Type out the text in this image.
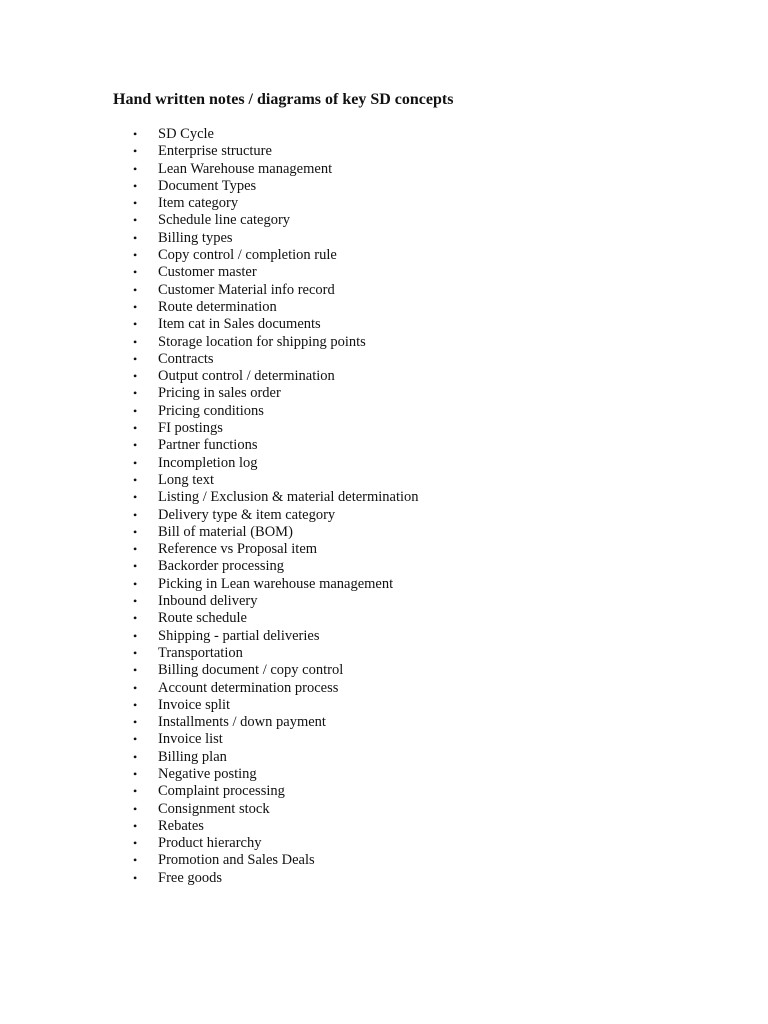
Hand written notes / diagrams of key SD concepts
• SD Cycle
• Enterprise structure
• Lean Warehouse management
• Document Types
• Item category
• Schedule line category
• Billing types
• Copy control / completion rule
• Customer master
• Customer Material info record
• Route determination
• Item cat in Sales documents
• Storage location for shipping points
• Contracts
• Output control / determination
• Pricing in sales order
• Pricing conditions
• FI postings
• Partner functions
• Incompletion log
• Long text
• Listing / Exclusion & material determination
• Delivery type & item category
• Bill of material (BOM)
• Reference vs Proposal item
• Backorder processing
• Picking in Lean warehouse management
• Inbound delivery
• Route schedule
• Shipping - partial deliveries
• Transportation
• Billing document / copy control
• Account determination process
• Invoice split
• Installments / down payment
• Invoice list
• Billing plan
• Negative posting
• Complaint processing
• Consignment stock
• Rebates
• Product hierarchy
• Promotion and Sales Deals
• Free goods
